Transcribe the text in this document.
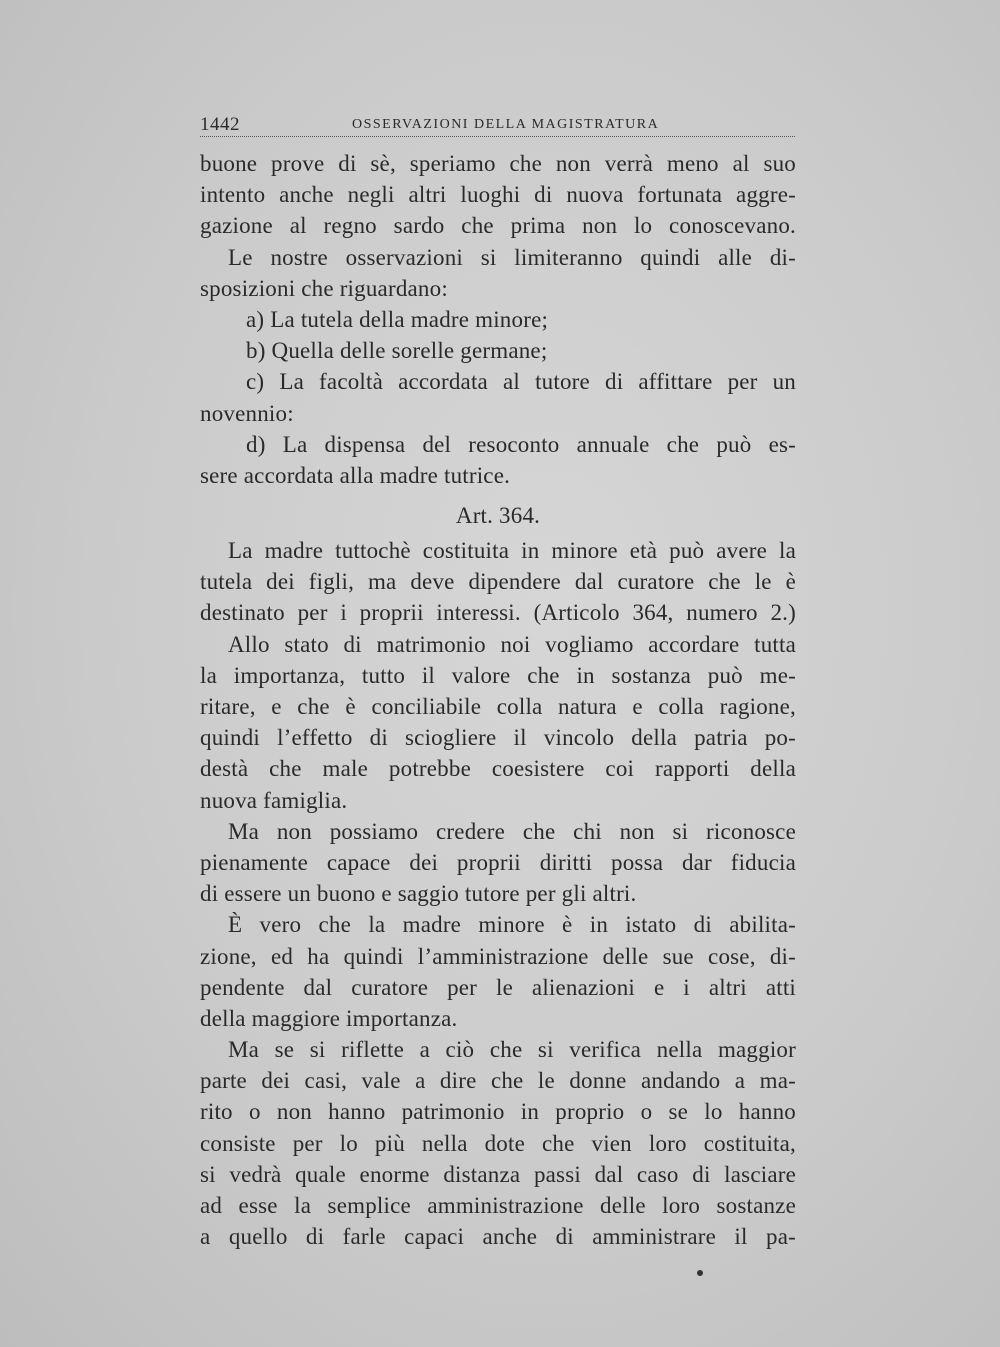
1442	OSSERVAZIONI DELLA MAGISTRATURA
buone prove di sè, speriamo che non verrà meno al suo
intento anche negli altri luoghi di nuova fortunata aggre-
gazione al regno sardo che prima non lo conoscevano.
Le nostre osservazioni si limiteranno quindi alle di-
sposizioni che riguardano:
a) La tutela della madre minore;
b) Quella delle sorelle germane;
c) La facoltà accordata al tutore di affittare per un
novennio:
d) La dispensa del resoconto annuale che può es-
sere accordata alla madre tutrice.
Art. 364.
La madre tuttochè costituita in minore età può avere la
tutela dei figli, ma deve dipendere dal curatore che le è
destinato per i proprii interessi. (Articolo 364, numero 2.)
Allo stato di matrimonio noi vogliamo accordare tutta
la importanza, tutto il valore che in sostanza può me-
ritare, e che è conciliabile colla natura e colla ragione,
quindi l’effetto di sciogliere il vincolo della patria po-
destà che male potrebbe coesistere coi rapporti della
nuova famiglia.
Ma non possiamo credere che chi non si riconosce
pienamente capace dei proprii diritti possa dar fiducia
di essere un buono e saggio tutore per gli altri.
È vero che la madre minore è in istato di abilita-
zione, ed ha quindi l’amministrazione delle sue cose, di-
pendente dal curatore per le alienazioni e i altri atti
della maggiore importanza.
Ma se si riflette a ciò che si verifica nella maggior
parte dei casi, vale a dire che le donne andando a ma-
rito o non hanno patrimonio in proprio o se lo hanno
consiste per lo più nella dote che vien loro costituita,
si vedrà quale enorme distanza passi dal caso di lasciare
ad esse la semplice amministrazione delle loro sostanze
a quello di farle capaci anche di amministrare il pa-
